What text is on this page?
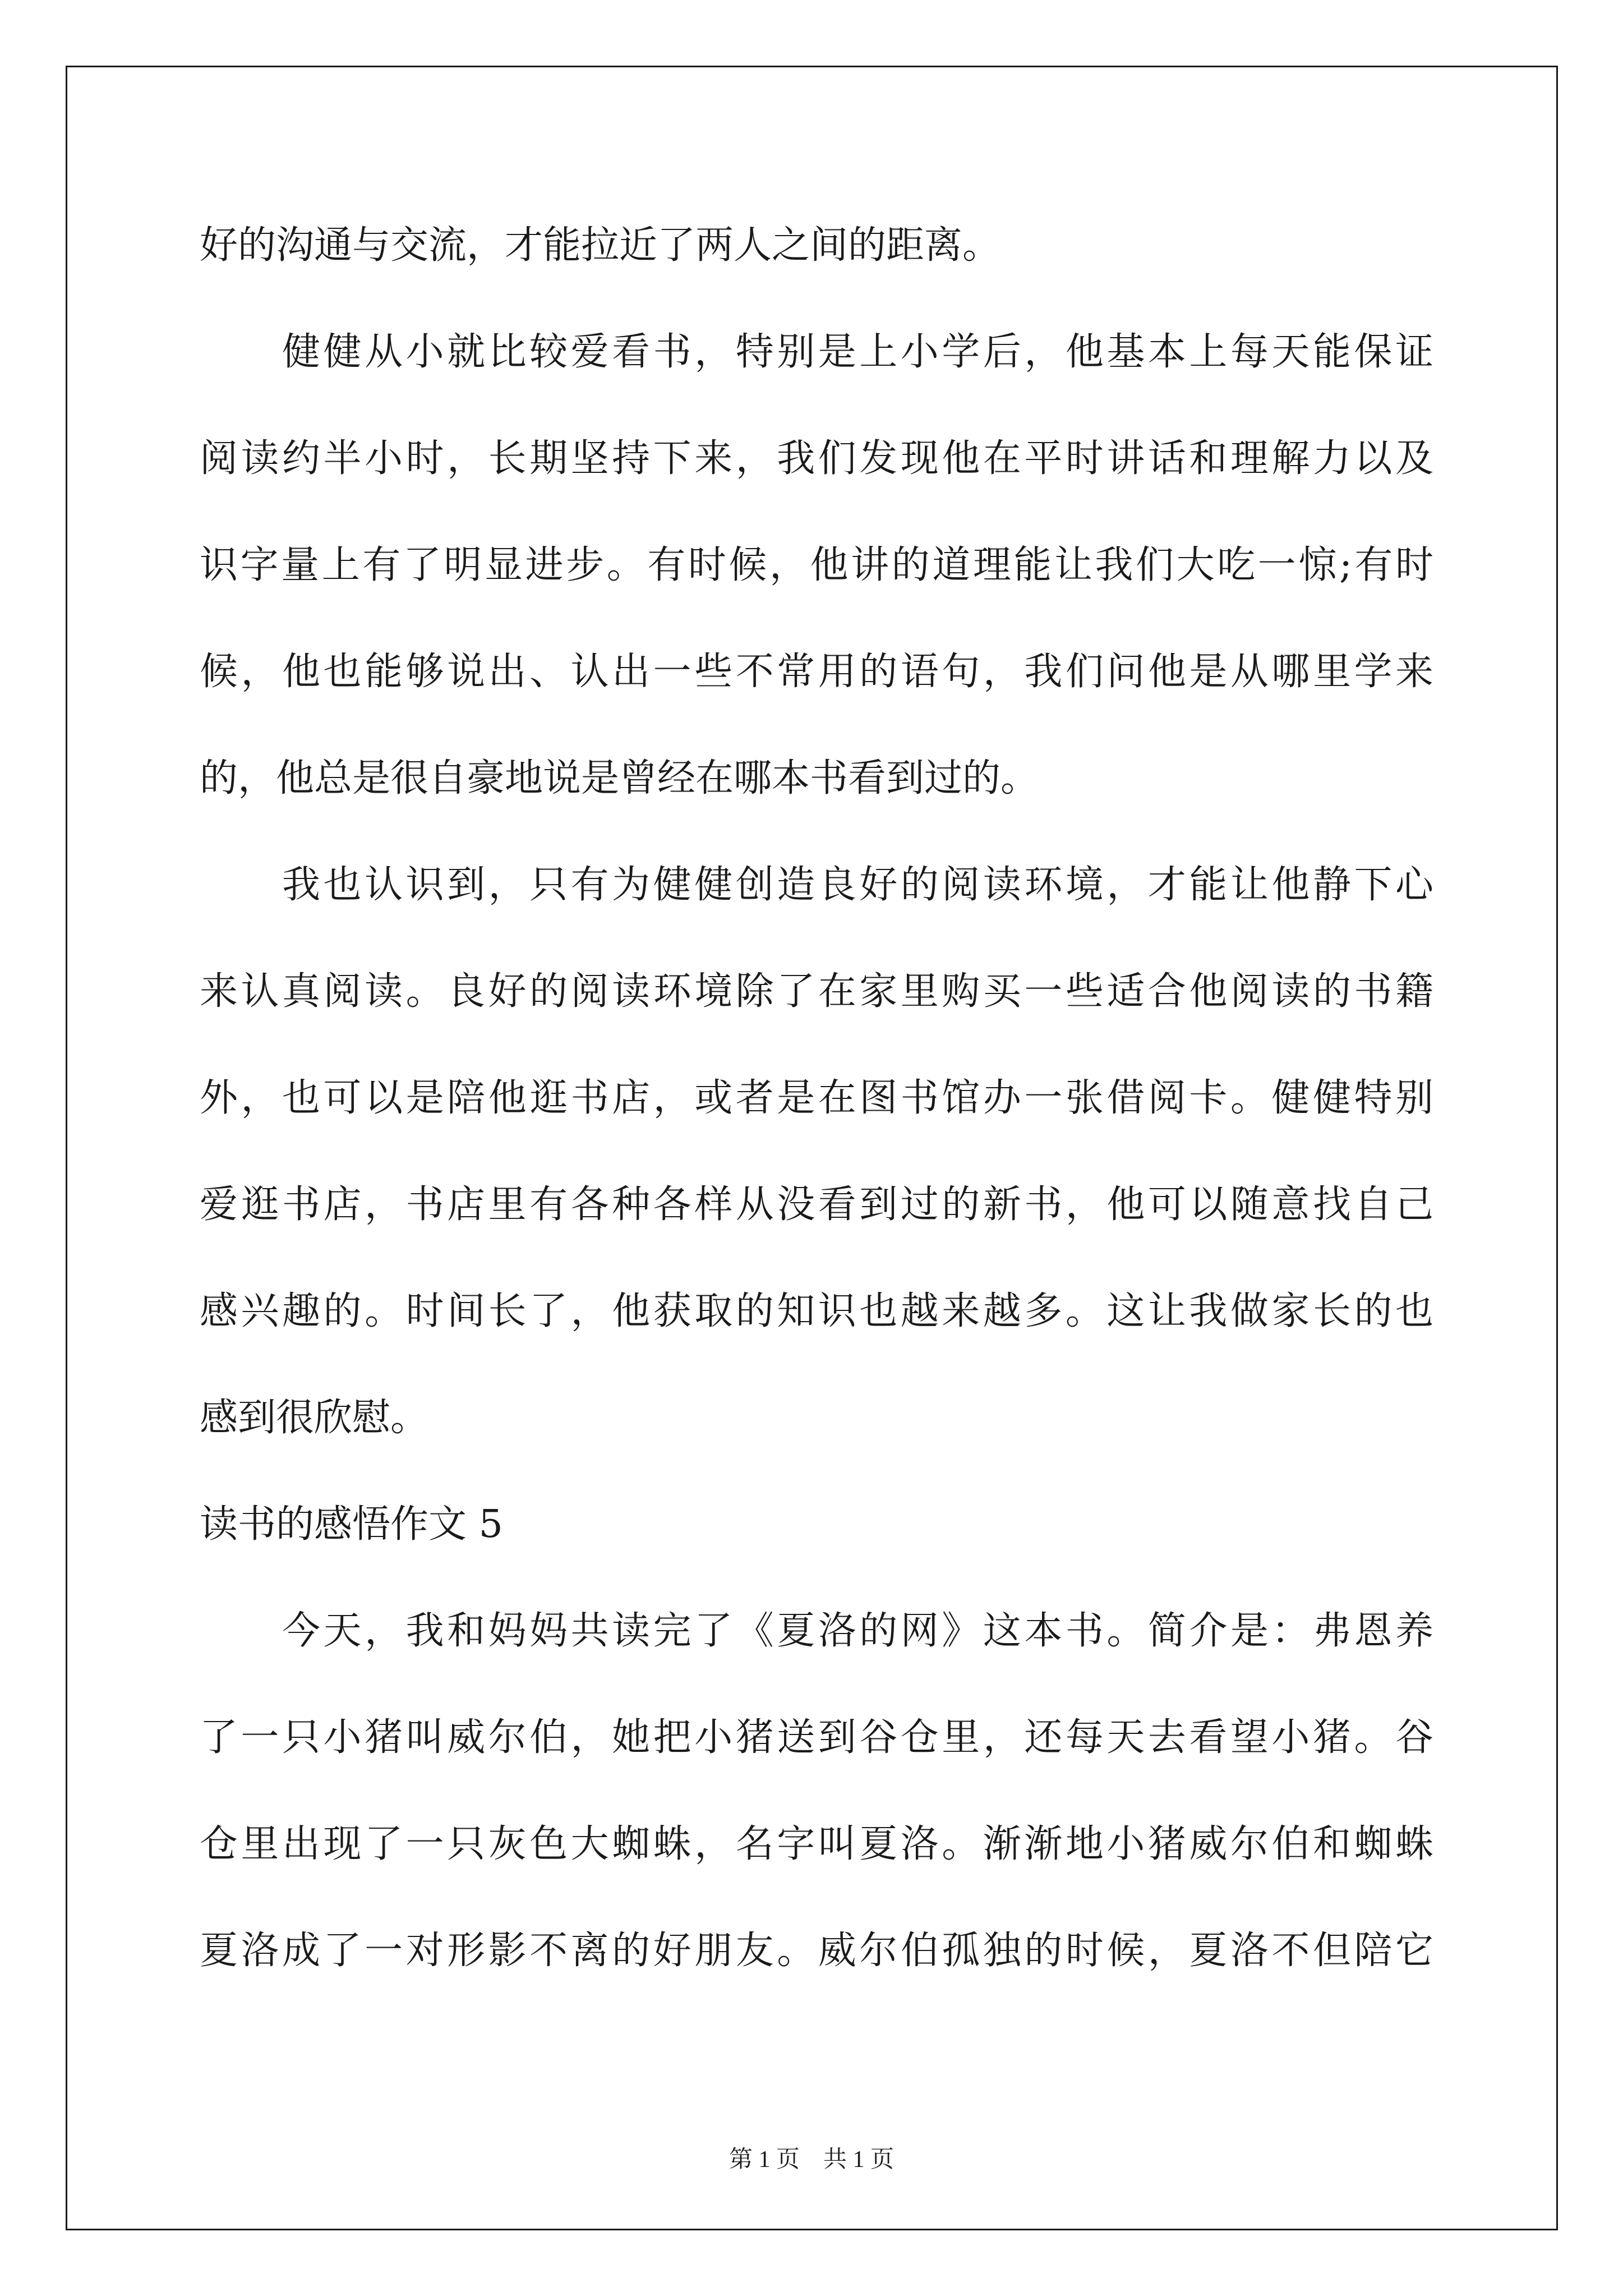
好的沟通与交流，才能拉近了两人之间的距离。
　　健健从小就比较爱看书，特别是上小学后，他基本上每天能保证
阅读约半小时，长期坚持下来，我们发现他在平时讲话和理解力以及
识字量上有了明显进步。有时候，他讲的道理能让我们大吃一惊;有时
候，他也能够说出、认出一些不常用的语句，我们问他是从哪里学来
的，他总是很自豪地说是曾经在哪本书看到过的。
　　我也认识到，只有为健健创造良好的阅读环境，才能让他静下心
来认真阅读。良好的阅读环境除了在家里购买一些适合他阅读的书籍
外，也可以是陪他逛书店，或者是在图书馆办一张借阅卡。健健特别
爱逛书店，书店里有各种各样从没看到过的新书，他可以随意找自己
感兴趣的。时间长了，他获取的知识也越来越多。这让我做家长的也
感到很欣慰。
读书的感悟作文 5
　　今天，我和妈妈共读完了《夏洛的网》这本书。简介是：弗恩养
了一只小猪叫威尔伯，她把小猪送到谷仓里，还每天去看望小猪。谷
仓里出现了一只灰色大蜘蛛，名字叫夏洛。渐渐地小猪威尔伯和蜘蛛
夏洛成了一对形影不离的好朋友。威尔伯孤独的时候，夏洛不但陪它
第 1 页　共 1 页
